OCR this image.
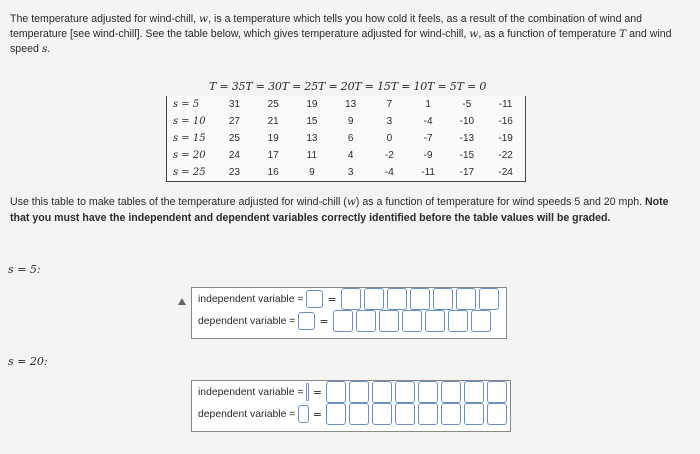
The temperature adjusted for wind-chill, w, is a temperature which tells you how cold it feels, as a result of the combination of wind and temperature [see wind-chill]. See the table below, which gives temperature adjusted for wind-chill, w, as a function of temperature T and wind speed s.
T = 35T = 30T = 25T = 20T = 15T = 10T = 5T = 0
s = 5	31	25	19	13	7	1	-5	-11
s = 10	27	21	15	9	3	-4	-10	-16
s = 15	25	19	13	6	0	-7	-13	-19
s = 20	24	17	11	4	-2	-9	-15	-22
s = 25	23	16	9	3	-4	-11	-17	-24
Use this table to make tables of the temperature adjusted for wind-chill (w) as a function of temperature for wind speeds 5 and 20 mph. Note that you must have the independent and dependent variables correctly identified before the table values will be graded.
s = 5:
independent variable = =
dependent variable = =
s = 20:
independent variable = =
dependent variable = =
